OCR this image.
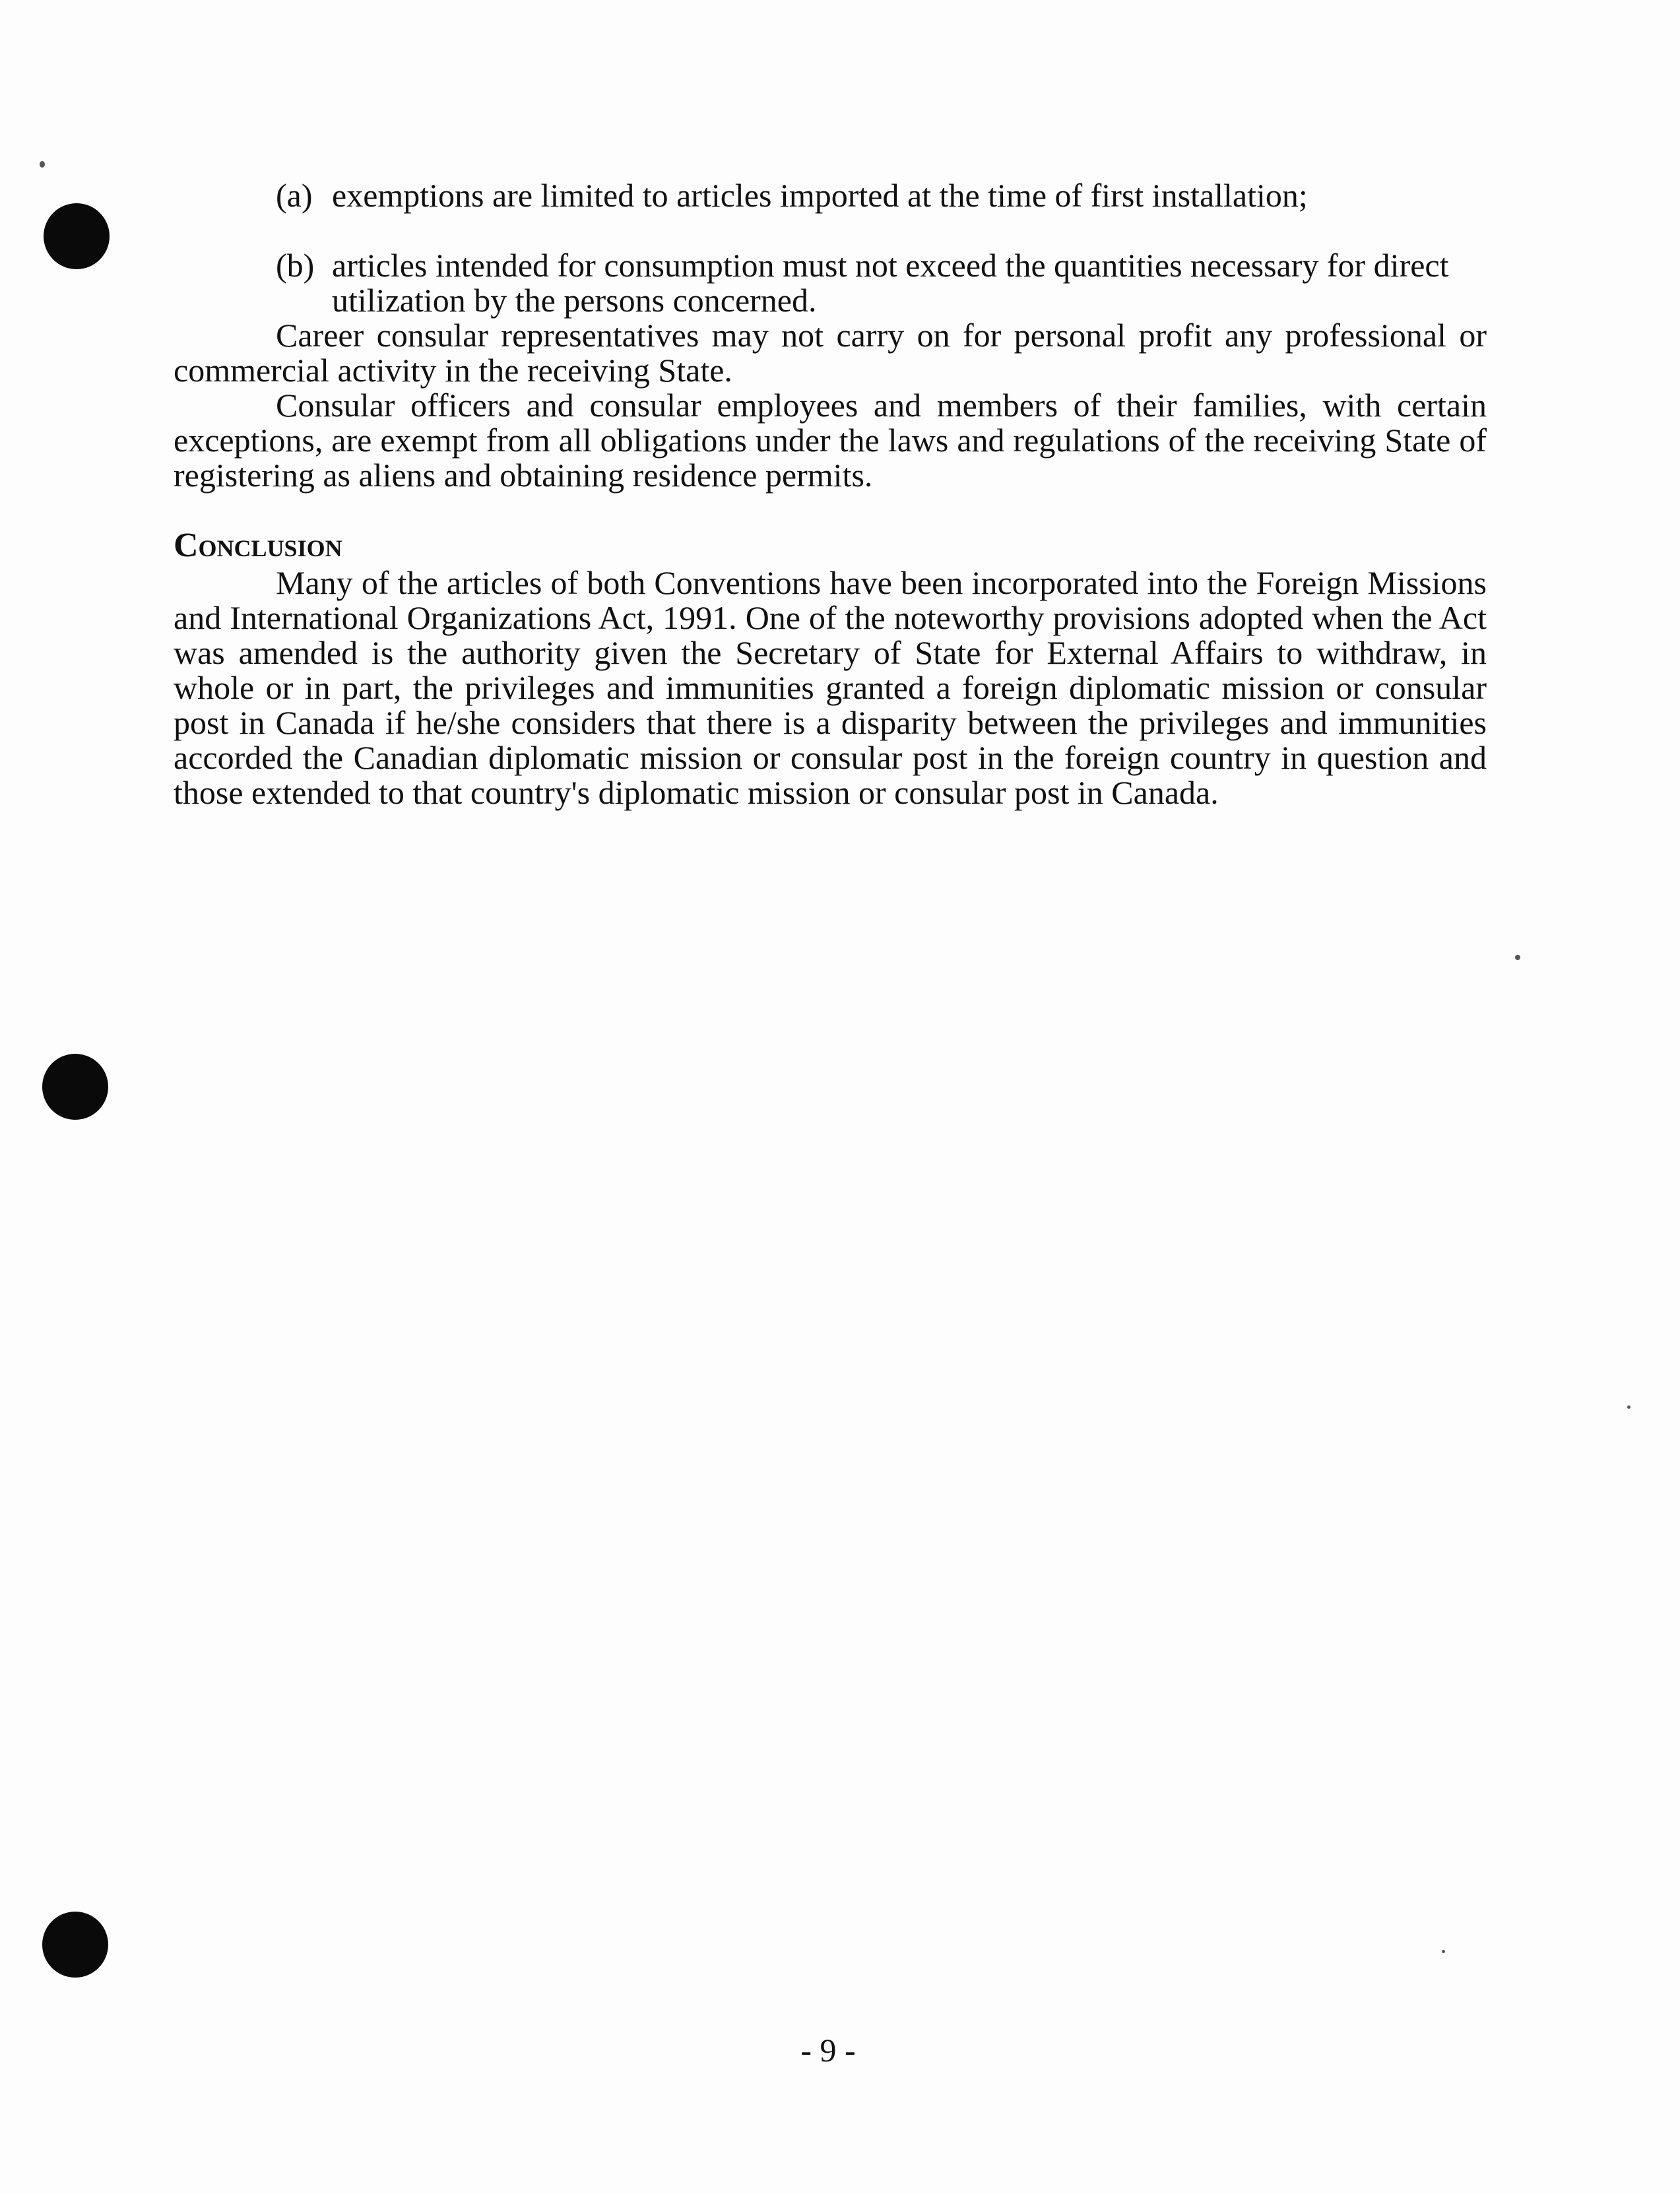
(a) exemptions are limited to articles imported at the time of first installation;
(b) articles intended for consumption must not exceed the quantities necessary for direct utilization by the persons concerned.

Career consular representatives may not carry on for personal profit any professional or commercial activity in the receiving State.

Consular officers and consular employees and members of their families, with certain exceptions, are exempt from all obligations under the laws and regulations of the receiving State of registering as aliens and obtaining residence permits.

Conclusion

Many of the articles of both Conventions have been incorporated into the Foreign Missions and International Organizations Act, 1991. One of the noteworthy provisions adopted when the Act was amended is the authority given the Secretary of State for External Affairs to withdraw, in whole or in part, the privileges and immunities granted a foreign diplomatic mission or consular post in Canada if he/she considers that there is a disparity between the privileges and immunities accorded the Canadian diplomatic mission or consular post in the foreign country in question and those extended to that country's diplomatic mission or consular post in Canada.

- 9 -
